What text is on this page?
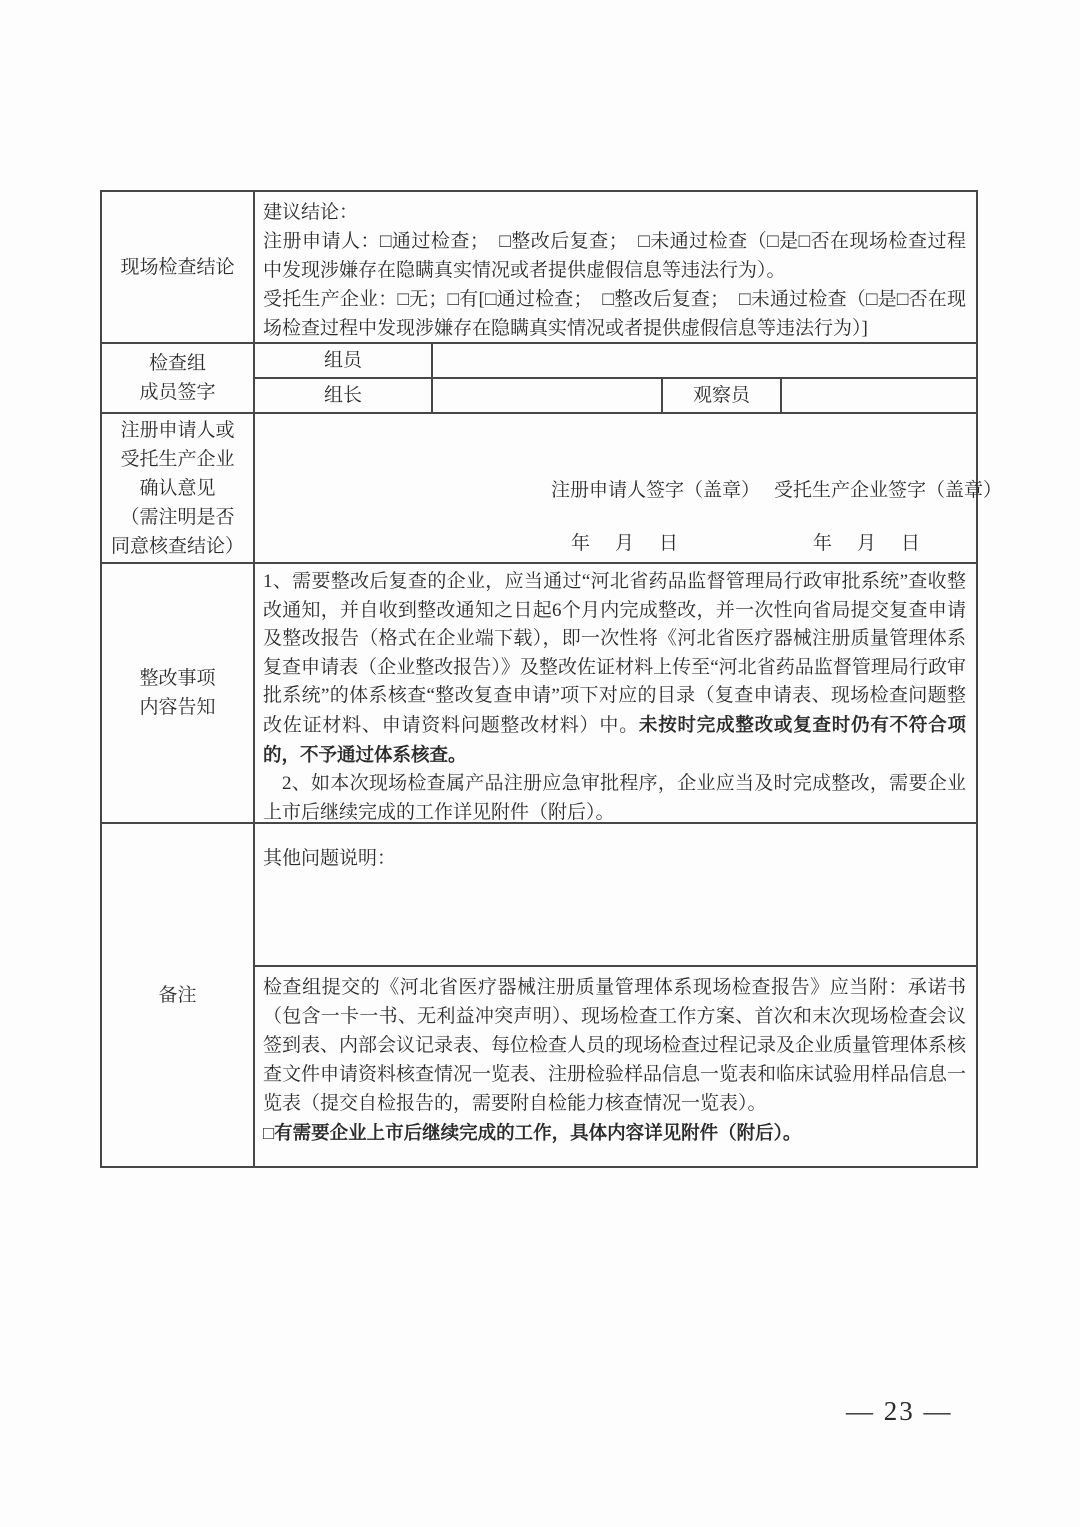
现场检查结论
建议结论：
注册申请人：□通过检查；　□整改后复查；　□未通过检查（□是□否在现场检查过程中发现涉嫌存在隐瞒真实情况或者提供虚假信息等违法行为）。
受托生产企业：□无；□有[□通过检查；　□整改后复查；　□未通过检查（□是□否在现场检查过程中发现涉嫌存在隐瞒真实情况或者提供虚假信息等违法行为）]
检查组
成员签字
组员
组长	观察员
注册申请人或
受托生产企业
确认意见
（需注明是否
同意核查结论）
注册申请人签字（盖章） 受托生产企业签字（盖章）
年　月　日	年　月　日
整改事项
内容告知
1、需要整改后复查的企业，应当通过“河北省药品监督管理局行政审批系统”查收整改通知，并自收到整改通知之日起6个月内完成整改，并一次性向省局提交复查申请及整改报告（格式在企业端下载），即一次性将《河北省医疗器械注册质量管理体系复查申请表（企业整改报告）》及整改佐证材料上传至“河北省药品监督管理局行政审批系统”的体系核查“整改复查申请”项下对应的目录（复查申请表、现场检查问题整改佐证材料、申请资料问题整改材料）中。未按时完成整改或复查时仍有不符合项的，不予通过体系核查。
2、如本次现场检查属产品注册应急审批程序，企业应当及时完成整改，需要企业上市后继续完成的工作详见附件（附后）。
备注
其他问题说明：
检查组提交的《河北省医疗器械注册质量管理体系现场检查报告》应当附：承诺书（包含一卡一书、无利益冲突声明）、现场检查工作方案、首次和末次现场检查会议签到表、内部会议记录表、每位检查人员的现场检查过程记录及企业质量管理体系核查文件申请资料核查情况一览表、注册检验样品信息一览表和临床试验用样品信息一览表（提交自检报告的，需要附自检能力核查情况一览表）。
□有需要企业上市后继续完成的工作，具体内容详见附件（附后）。
— 23 —
